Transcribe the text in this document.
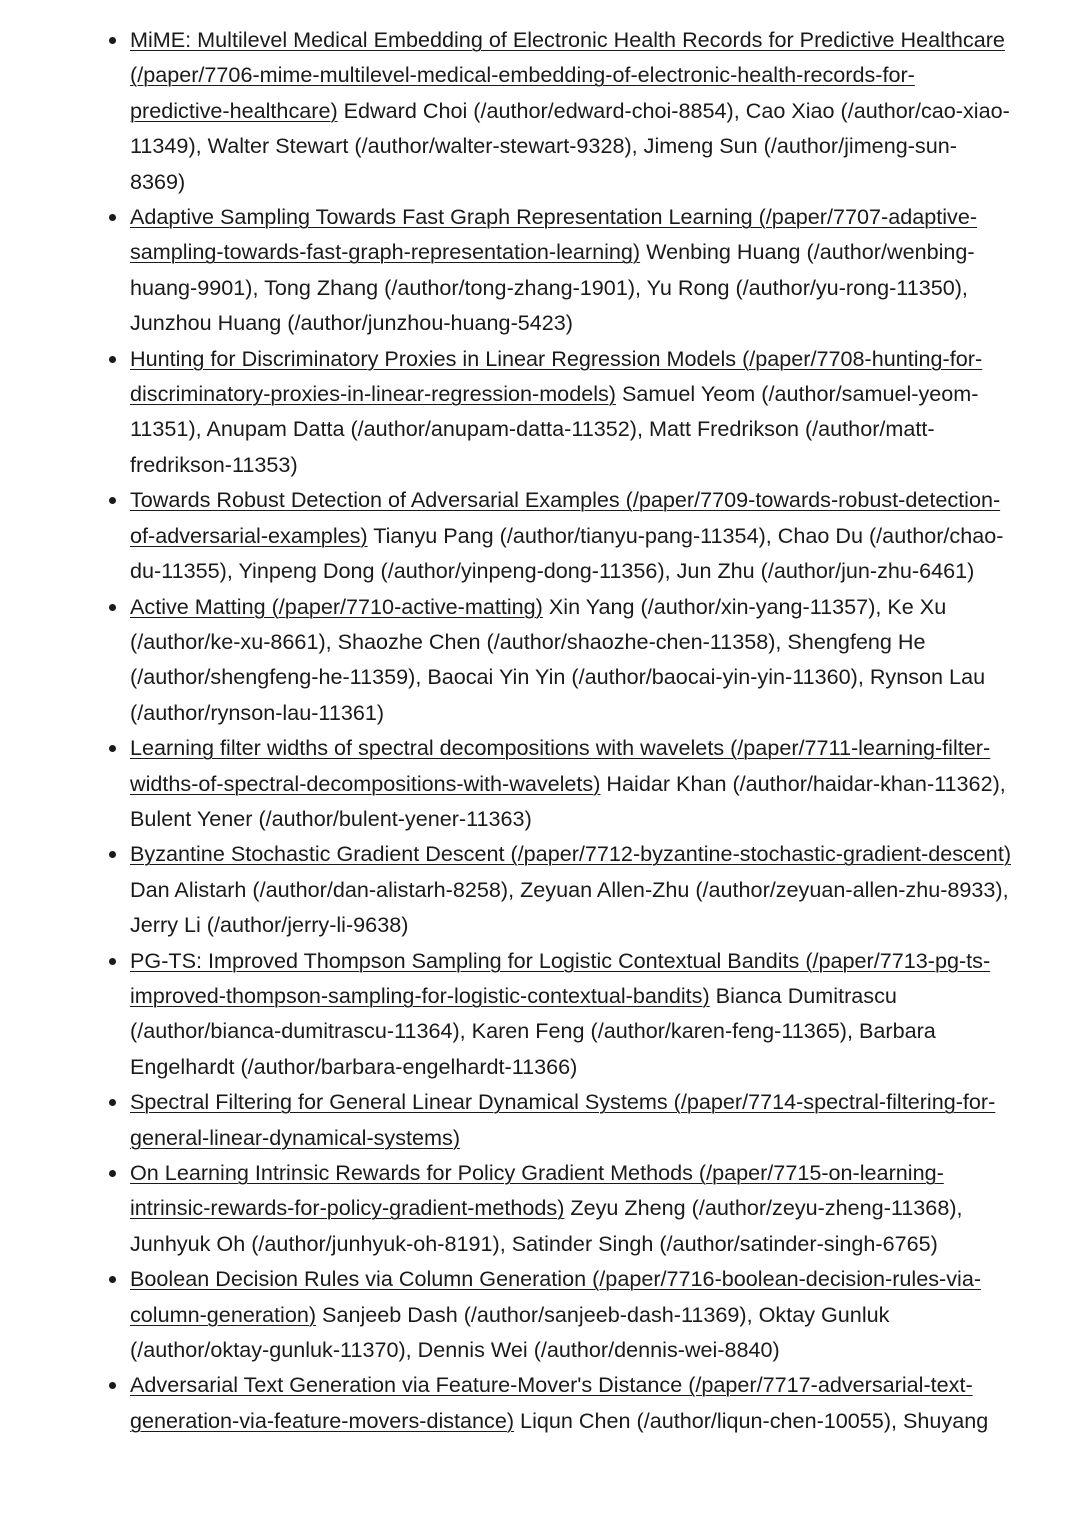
MiME: Multilevel Medical Embedding of Electronic Health Records for Predictive Healthcare (/paper/7706-mime-multilevel-medical-embedding-of-electronic-health-records-for-predictive-healthcare) Edward Choi (/author/edward-choi-8854), Cao Xiao (/author/cao-xiao-11349), Walter Stewart (/author/walter-stewart-9328), Jimeng Sun (/author/jimeng-sun-8369)
Adaptive Sampling Towards Fast Graph Representation Learning (/paper/7707-adaptive-sampling-towards-fast-graph-representation-learning) Wenbing Huang (/author/wenbing-huang-9901), Tong Zhang (/author/tong-zhang-1901), Yu Rong (/author/yu-rong-11350), Junzhou Huang (/author/junzhou-huang-5423)
Hunting for Discriminatory Proxies in Linear Regression Models (/paper/7708-hunting-for-discriminatory-proxies-in-linear-regression-models) Samuel Yeom (/author/samuel-yeom-11351), Anupam Datta (/author/anupam-datta-11352), Matt Fredrikson (/author/matt-fredrikson-11353)
Towards Robust Detection of Adversarial Examples (/paper/7709-towards-robust-detection-of-adversarial-examples) Tianyu Pang (/author/tianyu-pang-11354), Chao Du (/author/chao-du-11355), Yinpeng Dong (/author/yinpeng-dong-11356), Jun Zhu (/author/jun-zhu-6461)
Active Matting (/paper/7710-active-matting) Xin Yang (/author/xin-yang-11357), Ke Xu (/author/ke-xu-8661), Shaozhe Chen (/author/shaozhe-chen-11358), Shengfeng He (/author/shengfeng-he-11359), Baocai Yin Yin (/author/baocai-yin-yin-11360), Rynson Lau (/author/rynson-lau-11361)
Learning filter widths of spectral decompositions with wavelets (/paper/7711-learning-filter-widths-of-spectral-decompositions-with-wavelets) Haidar Khan (/author/haidar-khan-11362), Bulent Yener (/author/bulent-yener-11363)
Byzantine Stochastic Gradient Descent (/paper/7712-byzantine-stochastic-gradient-descent) Dan Alistarh (/author/dan-alistarh-8258), Zeyuan Allen-Zhu (/author/zeyuan-allen-zhu-8933), Jerry Li (/author/jerry-li-9638)
PG-TS: Improved Thompson Sampling for Logistic Contextual Bandits (/paper/7713-pg-ts-improved-thompson-sampling-for-logistic-contextual-bandits) Bianca Dumitrascu (/author/bianca-dumitrascu-11364), Karen Feng (/author/karen-feng-11365), Barbara Engelhardt (/author/barbara-engelhardt-11366)
Spectral Filtering for General Linear Dynamical Systems (/paper/7714-spectral-filtering-for-general-linear-dynamical-systems)
On Learning Intrinsic Rewards for Policy Gradient Methods (/paper/7715-on-learning-intrinsic-rewards-for-policy-gradient-methods) Zeyu Zheng (/author/zeyu-zheng-11368), Junhyuk Oh (/author/junhyuk-oh-8191), Satinder Singh (/author/satinder-singh-6765)
Boolean Decision Rules via Column Generation (/paper/7716-boolean-decision-rules-via-column-generation) Sanjeeb Dash (/author/sanjeeb-dash-11369), Oktay Gunluk (/author/oktay-gunluk-11370), Dennis Wei (/author/dennis-wei-8840)
Adversarial Text Generation via Feature-Mover's Distance (/paper/7717-adversarial-text-generation-via-feature-movers-distance) Liqun Chen (/author/liqun-chen-10055), Shuyang
